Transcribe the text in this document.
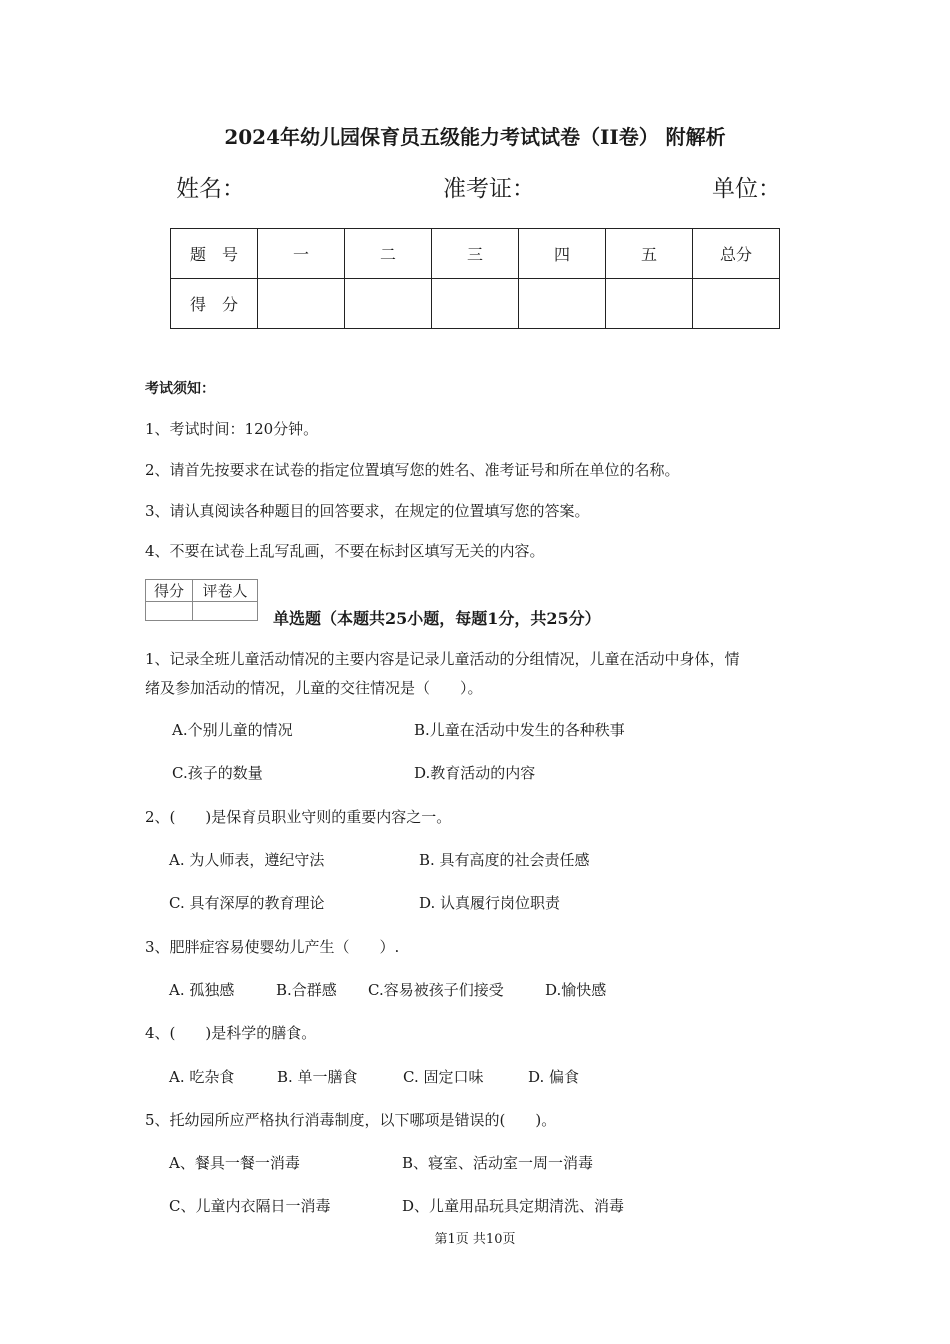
2024年幼儿园保育员五级能力考试试卷（II卷） 附解析
姓名：	准考证：	单位：
题　号	一	二	三	四	五	总分
得　分						
考试须知：
1、考试时间：120分钟。
2、请首先按要求在试卷的指定位置填写您的姓名、准考证号和所在单位的名称。
3、请认真阅读各种题目的回答要求，在规定的位置填写您的答案。
4、不要在试卷上乱写乱画，不要在标封区填写无关的内容。
得分	评卷人

单选题（本题共25小题，每题1分，共25分）
1、记录全班儿童活动情况的主要内容是记录儿童活动的分组情况，儿童在活动中身体，情
绪及参加活动的情况，儿童的交往情况是（　　）。
A.个别儿童的情况	B.儿童在活动中发生的各种秩事
C.孩子的数量	D.教育活动的内容
2、(　　)是保育员职业守则的重要内容之一。
A. 为人师表，遵纪守法	B. 具有高度的社会责任感
C. 具有深厚的教育理论	D. 认真履行岗位职责
3、肥胖症容易使婴幼儿产生（　　）.
A. 孤独感	B.合群感 C.容易被孩子们接受	D.愉快感
4、(　　)是科学的膳食。
A. 吃杂食	B. 单一膳食	C. 固定口味	D. 偏食
5、托幼园所应严格执行消毒制度，以下哪项是错误的(　　)。
A、餐具一餐一消毒	B、寝室、活动室一周一消毒
C、儿童内衣隔日一消毒	D、儿童用品玩具定期清洗、消毒
第1页 共10页
